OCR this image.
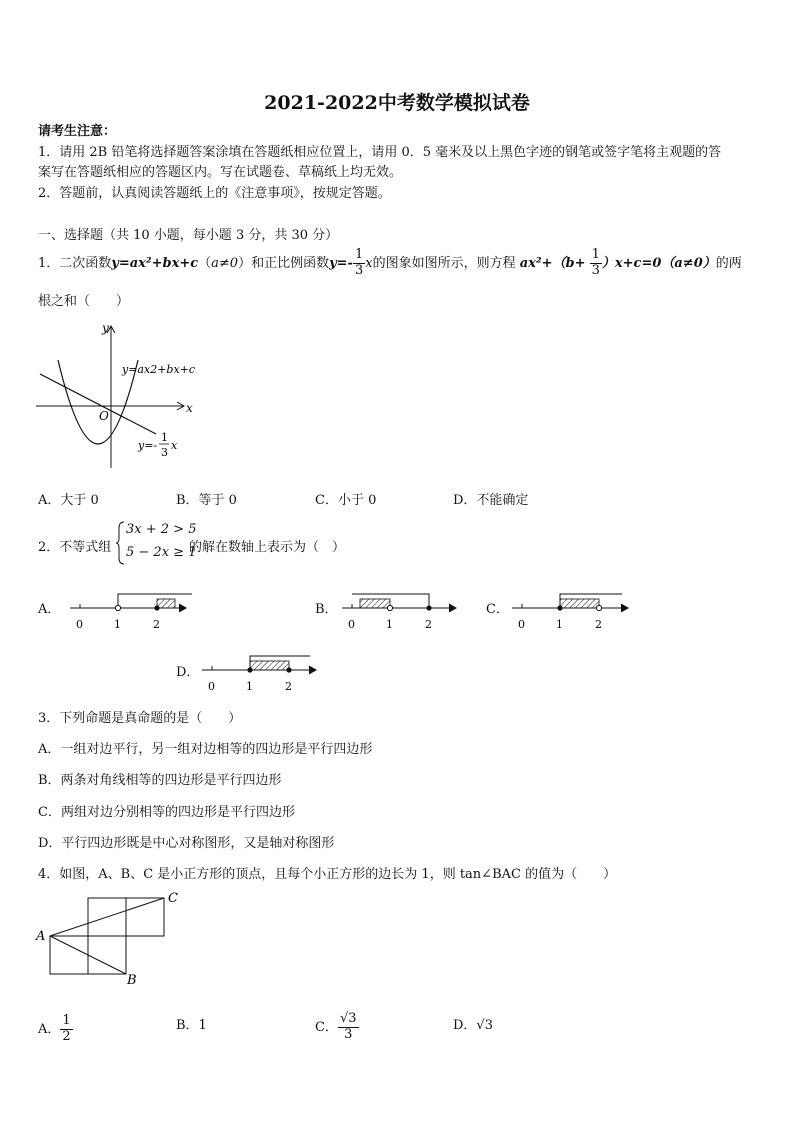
2021-2022中考数学模拟试卷
请考生注意：
1．请用 2B 铅笔将选择题答案涂填在答题纸相应位置上，请用 0．5 毫米及以上黑色字迹的钢笔或签字笔将主观题的答
案写在答题纸相应的答题区内。写在试题卷、草稿纸上均无效。
2．答题前，认真阅读答题纸上的《注意事项》，按规定答题。
一、选择题（共 10 小题，每小题 3 分，共 30 分）
1．二次函数y=ax²+bx+c（a≠0）和正比例函数$y=- \frac{1}{3}$ x的图象如图所示，则方程 $ax^2+(b+ \frac{1}{3} )x+c=0(a\ne 0)$的两
根之和（　　）
y
x
O
y=ax2+bx+c
y=-
1
3
x
A．大于 0	B．等于 0	C．小于 0	D．不能确定
2．不等式组
3x + 2 > 5
5 − 2x ≥ 1
的解在数轴上表示为（　）
A．
0	1	2
B．
0	1	2
C．
0	1	2
D．
0	1	2
3．下列命题是真命题的是（　　）
A．一组对边平行，另一组对边相等的四边形是平行四边形
B．两条对角线相等的四边形是平行四边形
C．两组对边分别相等的四边形是平行四边形
D．平行四边形既是中心对称图形，又是轴对称图形
4．如图，A、B、C 是小正方形的顶点，且每个小正方形的边长为 1，则 tan∠BAC 的值为（　　）
A
B
C
A． $\frac{1}{2}$	B．1	C． $\frac{√3}{3}$	D．√3
